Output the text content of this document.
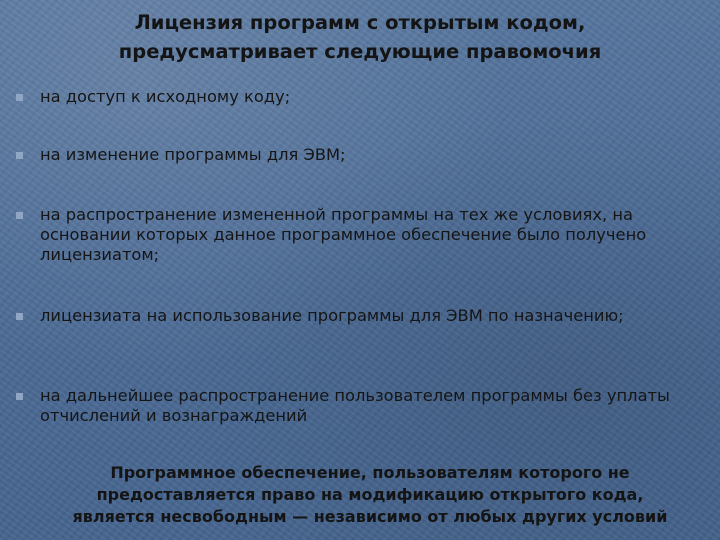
Лицензия программ с открытым кодом,
предусматривает следующие правомочия
на доступ к исходному коду;
на изменение программы для ЭВМ;
на распространение измененной программы на тех же условиях, на основании которых данное программное обеспечение было получено лицензиатом;
лицензиата на использование программы для ЭВМ по назначению;
на дальнейшее распространение пользователем программы без уплаты отчислений и вознаграждений
Программное обеспечение, пользователям которого не
предоставляется право на модификацию открытого кода,
является несвободным — независимо от любых других условий
